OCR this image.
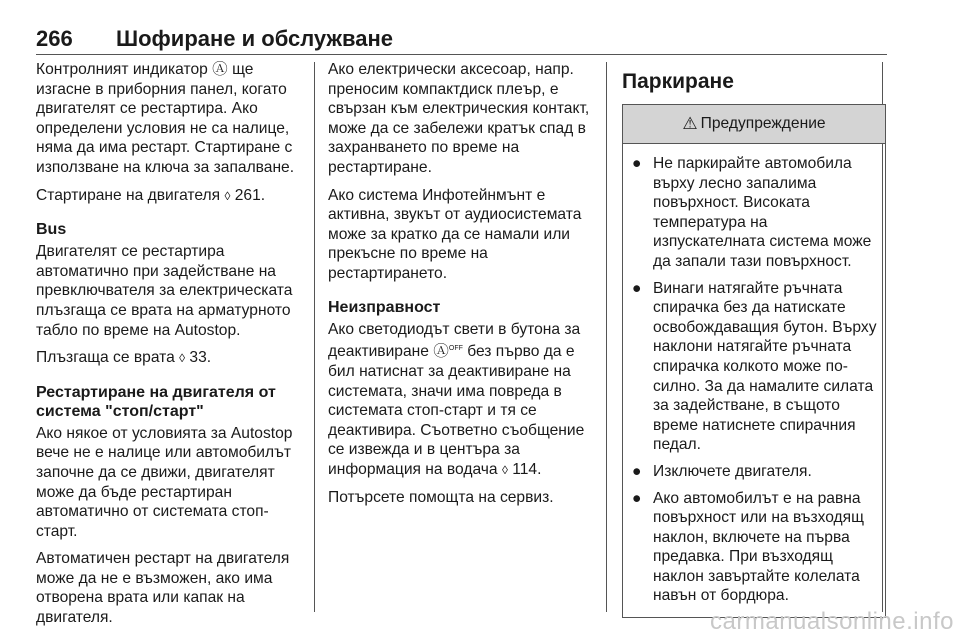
266 Шофиране и обслужване

Контролният индикатор Ⓐ ще изгасне в приборния панел, когато двигателят се рестартира. Ако определени условия не са налице, няма да има рестарт. Стартиране с използване на ключа за запалване.

Стартиране на двигателя ◊ 261.

Bus

Двигателят се рестартира автоматично при задействане на превключвателя за електрическата плъзгаща се врата на арматурното табло по време на Autostop.

Плъзгаща се врата ◊ 33.

Рестартиране на двигателя от система "стоп/старт"

Ако някое от условията за Autostop вече не е налице или автомобилът започне да се движи, двигателят може да бъде рестартиран автоматично от системата стоп-старт.

Автоматичен рестарт на двигателя може да не е възможен, ако има отворена врата или капак на двигателя.

Ако електрически аксесоар, напр. преносим компактдиск плеър, е свързан към електрическия контакт, може да се забележи кратък спад в захранването по време на рестартиране.

Ако система Инфотейнмънт е активна, звукът от аудиосистемата може за кратко да се намали или прекъсне по време на рестартирането.

Неизправност

Ако светодиодът свети в бутона за деактивиране Ⓐ$^{OFF}$ без първо да е бил натиснат за деактивиране на системата, значи има повреда в системата стоп-старт и тя се деактивира. Съответно съобщение се извежда и в центъра за информация на водача ◊ 114.

Потърсете помощта на сервиз.

Паркиране
⚠ Предупреждение
● Не паркирайте автомобила върху лесно запалима повърхност. Високата температура на изпускателната система може да запали тази повърхност.
● Винаги натягайте ръчната спирачка без да натискате освобождаващия бутон. Върху наклони натягайте ръчната спирачка колкото може по-силно. За да намалите силата за задействане, в същото време натиснете спирачния педал.
● Изключете двигателя.
● Ако автомобилът е на равна повърхност или на възходящ наклон, включете на първа предавка. При възходящ наклон завъртайте колелата навън от бордюра.
carmanualsonline.info
